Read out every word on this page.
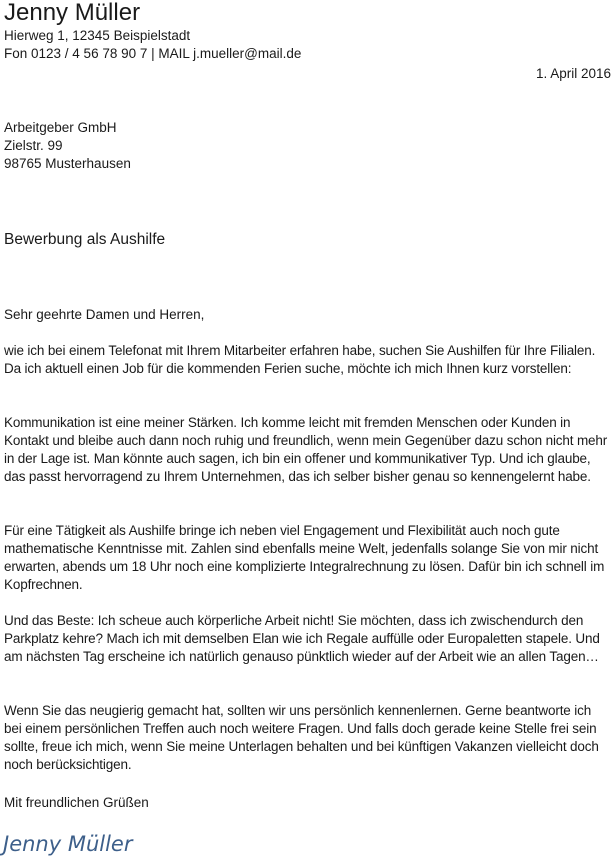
Jenny Müller
Hierweg 1, 12345 Beispielstadt
Fon 0123 / 4 56 78 90 7 | MAIL j.mueller@mail.de
1. April 2016
Arbeitgeber GmbH
Zielstr. 99
98765 Musterhausen
Bewerbung als Aushilfe
Sehr geehrte Damen und Herren,
wie ich bei einem Telefonat mit Ihrem Mitarbeiter erfahren habe, suchen Sie Aushilfen für Ihre Filialen. Da ich aktuell einen Job für die kommenden Ferien suche, möchte ich mich Ihnen kurz vorstellen:
Kommunikation ist eine meiner Stärken. Ich komme leicht mit fremden Menschen oder Kunden in Kontakt und bleibe auch dann noch ruhig und freundlich, wenn mein Gegenüber dazu schon nicht mehr in der Lage ist. Man könnte auch sagen, ich bin ein offener und kommunikativer Typ. Und ich glaube, das passt hervorragend zu Ihrem Unternehmen, das ich selber bisher genau so kennengelernt habe.
Für eine Tätigkeit als Aushilfe bringe ich neben viel Engagement und Flexibilität auch noch gute mathematische Kenntnisse mit. Zahlen sind ebenfalls meine Welt, jedenfalls solange Sie von mir nicht erwarten, abends um 18 Uhr noch eine komplizierte Integralrechnung zu lösen. Dafür bin ich schnell im Kopfrechnen.
Und das Beste: Ich scheue auch körperliche Arbeit nicht! Sie möchten, dass ich zwischendurch den Parkplatz kehre? Mach ich mit demselben Elan wie ich Regale auffülle oder Europaletten stapele. Und am nächsten Tag erscheine ich natürlich genauso pünktlich wieder auf der Arbeit wie an allen Tagen…
Wenn Sie das neugierig gemacht hat, sollten wir uns persönlich kennenlernen. Gerne beantworte ich bei einem persönlichen Treffen auch noch weitere Fragen. Und falls doch gerade keine Stelle frei sein sollte, freue ich mich, wenn Sie meine Unterlagen behalten und bei künftigen Vakanzen vielleicht doch noch berücksichtigen.
Mit freundlichen Grüßen
Jenny Müller
